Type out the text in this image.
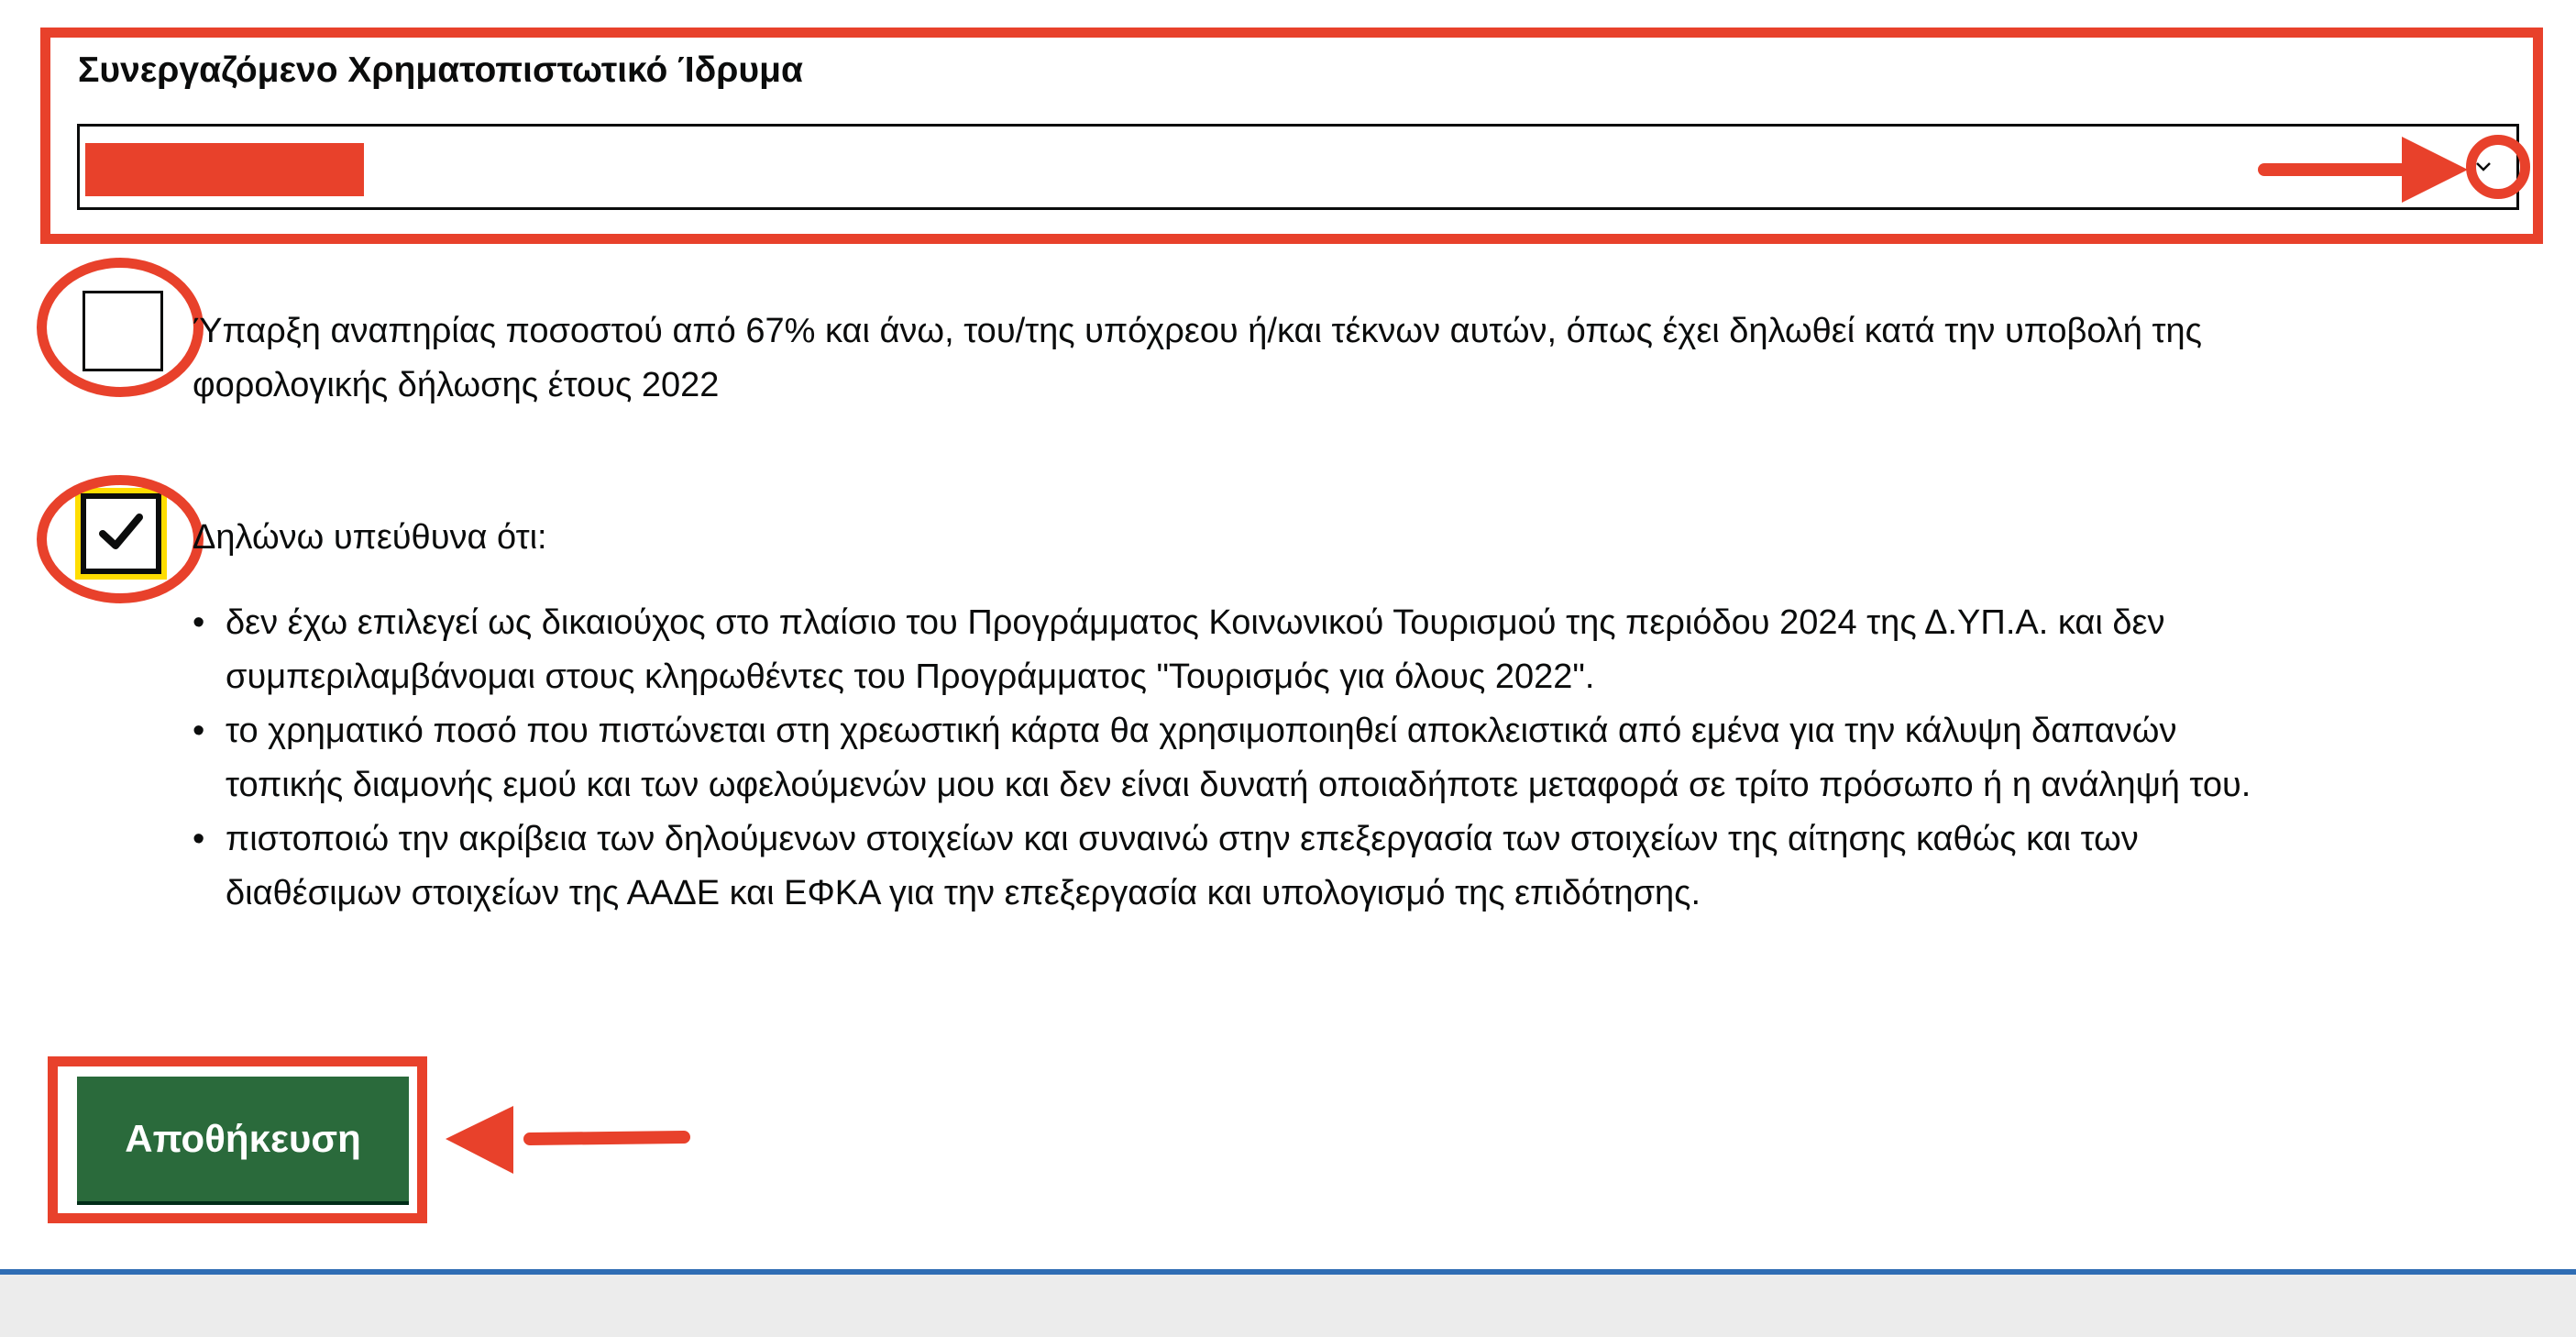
Συνεργαζόμενο Χρηματοπιστωτικό Ίδρυμα
Ύπαρξη αναπηρίας ποσοστού από 67% και άνω, του/της υπόχρεου ή/και τέκνων αυτών, όπως έχει δηλωθεί κατά την υποβολή της
φορολογικής δήλωσης έτους 2022
Δηλώνω υπεύθυνα ότι:
• δεν έχω επιλεγεί ως δικαιούχος στο πλαίσιο του Προγράμματος Κοινωνικού Τουρισμού της περιόδου 2024 της Δ.ΥΠ.Α. και δεν
συμπεριλαμβάνομαι στους κληρωθέντες του Προγράμματος "Τουρισμός για όλους 2022".
• το χρηματικό ποσό που πιστώνεται στη χρεωστική κάρτα θα χρησιμοποιηθεί αποκλειστικά από εμένα για την κάλυψη δαπανών
τοπικής διαμονής εμού και των ωφελούμενών μου και δεν είναι δυνατή οποιαδήποτε μεταφορά σε τρίτο πρόσωπο ή η ανάληψή του.
• πιστοποιώ την ακρίβεια των δηλούμενων στοιχείων και συναινώ στην επεξεργασία των στοιχείων της αίτησης καθώς και των
διαθέσιμων στοιχείων της ΑΑΔΕ και ΕΦΚΑ για την επεξεργασία και υπολογισμό της επιδότησης.
Αποθήκευση
